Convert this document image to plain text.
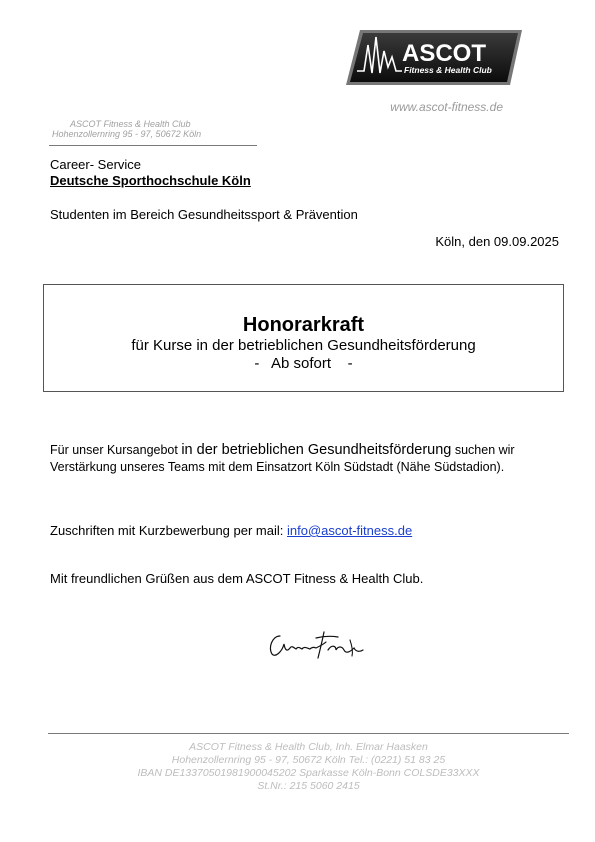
ASCOT
Fitness & Health Club
www.ascot-fitness.de
ASCOT Fitness & Health Club
Hohenzollernring 95 - 97, 50672 Köln
Career- Service
Deutsche Sporthochschule Köln
Studenten im Bereich Gesundheitssport & Prävention
Köln, den 09.09.2025
Honorarkraft
für Kurse in der betrieblichen Gesundheitsförderung
-   Ab sofort    -
Für unser Kursangebot in der betrieblichen Gesundheitsförderung suchen wir
Verstärkung unseres Teams mit dem Einsatzort Köln Südstadt (Nähe Südstadion).
Zuschriften mit Kurzbewerbung per mail: info@ascot-fitness.de
Mit freundlichen Grüßen aus dem ASCOT Fitness & Health Club.
ASCOT Fitness & Health Club, Inh. Elmar Haasken
Hohenzollernring 95 - 97, 50672 Köln Tel.: (0221) 51 83 25
IBAN DE13370501981900045202 Sparkasse Köln-Bonn COLSDE33XXX
St.Nr.: 215 5060 2415
